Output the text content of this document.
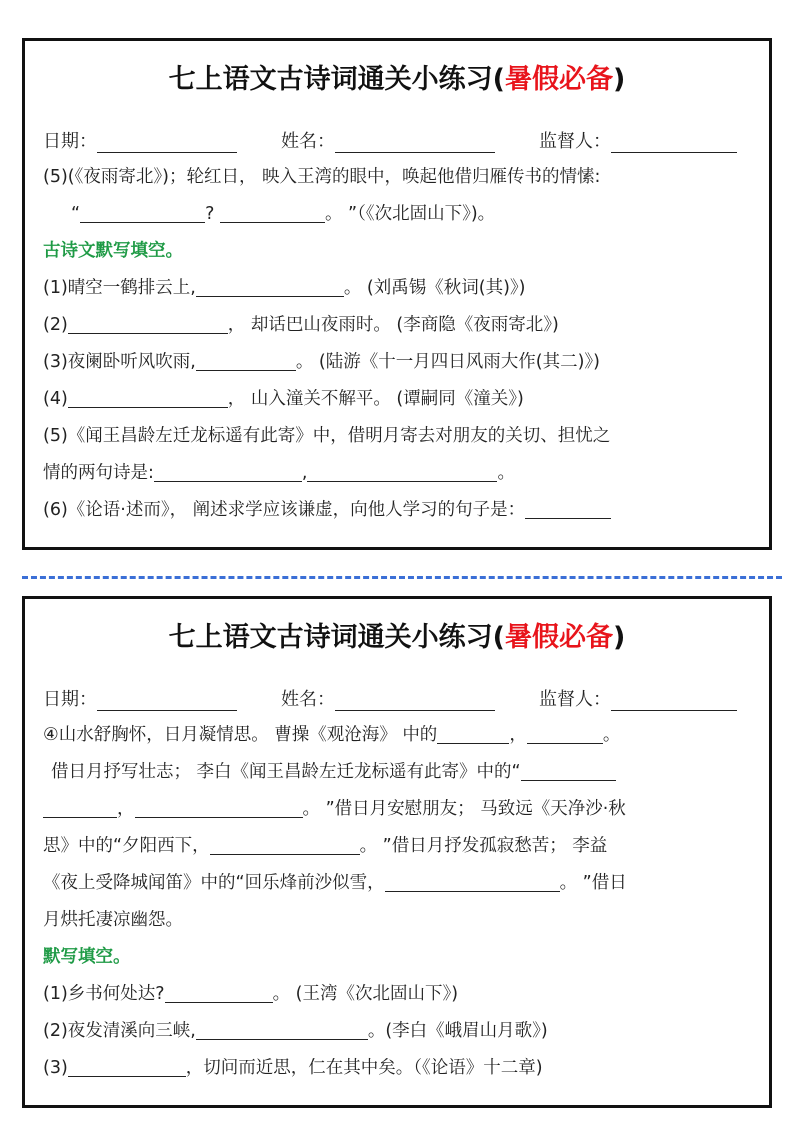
七上语文古诗词通关小练习(暑假必备)
日期：	姓名：	监督人：
(5)(《夜雨寄北》)；轮红日， 映入王湾的眼中，唤起他借归雁传书的情愫:
“	?	。 ”（《次北固山下》)。
古诗文默写填空。
(1)晴空一鹤排云上,	。 (刘禹锡《秋词(其)》)
(2)	， 却话巴山夜雨时。 (李商隐《夜雨寄北》)
(3)夜阑卧听风吹雨,	。 (陆游《十一月四日风雨大作(其二)》)
(4)	， 山入潼关不解平。 (谭嗣同《潼关》)
(5)《闻王昌龄左迁龙标遥有此寄》中，借明月寄去对朋友的关切、担忧之
情的两句诗是:	,	。
(6)《论语·述而》， 阐述求学应该谦虚，向他人学习的句子是：
七上语文古诗词通关小练习(暑假必备)
日期：	姓名：	监督人：
④山水舒胸怀，日月凝情思。 曹操《观沧海》 中的	，	。
借日月抒写壮志； 李白《闻王昌龄左迁龙标遥有此寄》中的“
，	。 ”借日月安慰朋友； 马致远《天净沙·秋
思》中的“夕阳西下，	。 ”借日月抒发孤寂愁苦； 李益
《夜上受降城闻笛》中的“回乐烽前沙似雪，	。 ”借日
月烘托凄凉幽怨。
默写填空。
(1)乡书何处达?	。 (王湾《次北固山下》)
(2)夜发清溪向三峡,	。(李白《峨眉山月歌》)
(3)	，切问而近思，仁在其中矣。（《论语》十二章)
